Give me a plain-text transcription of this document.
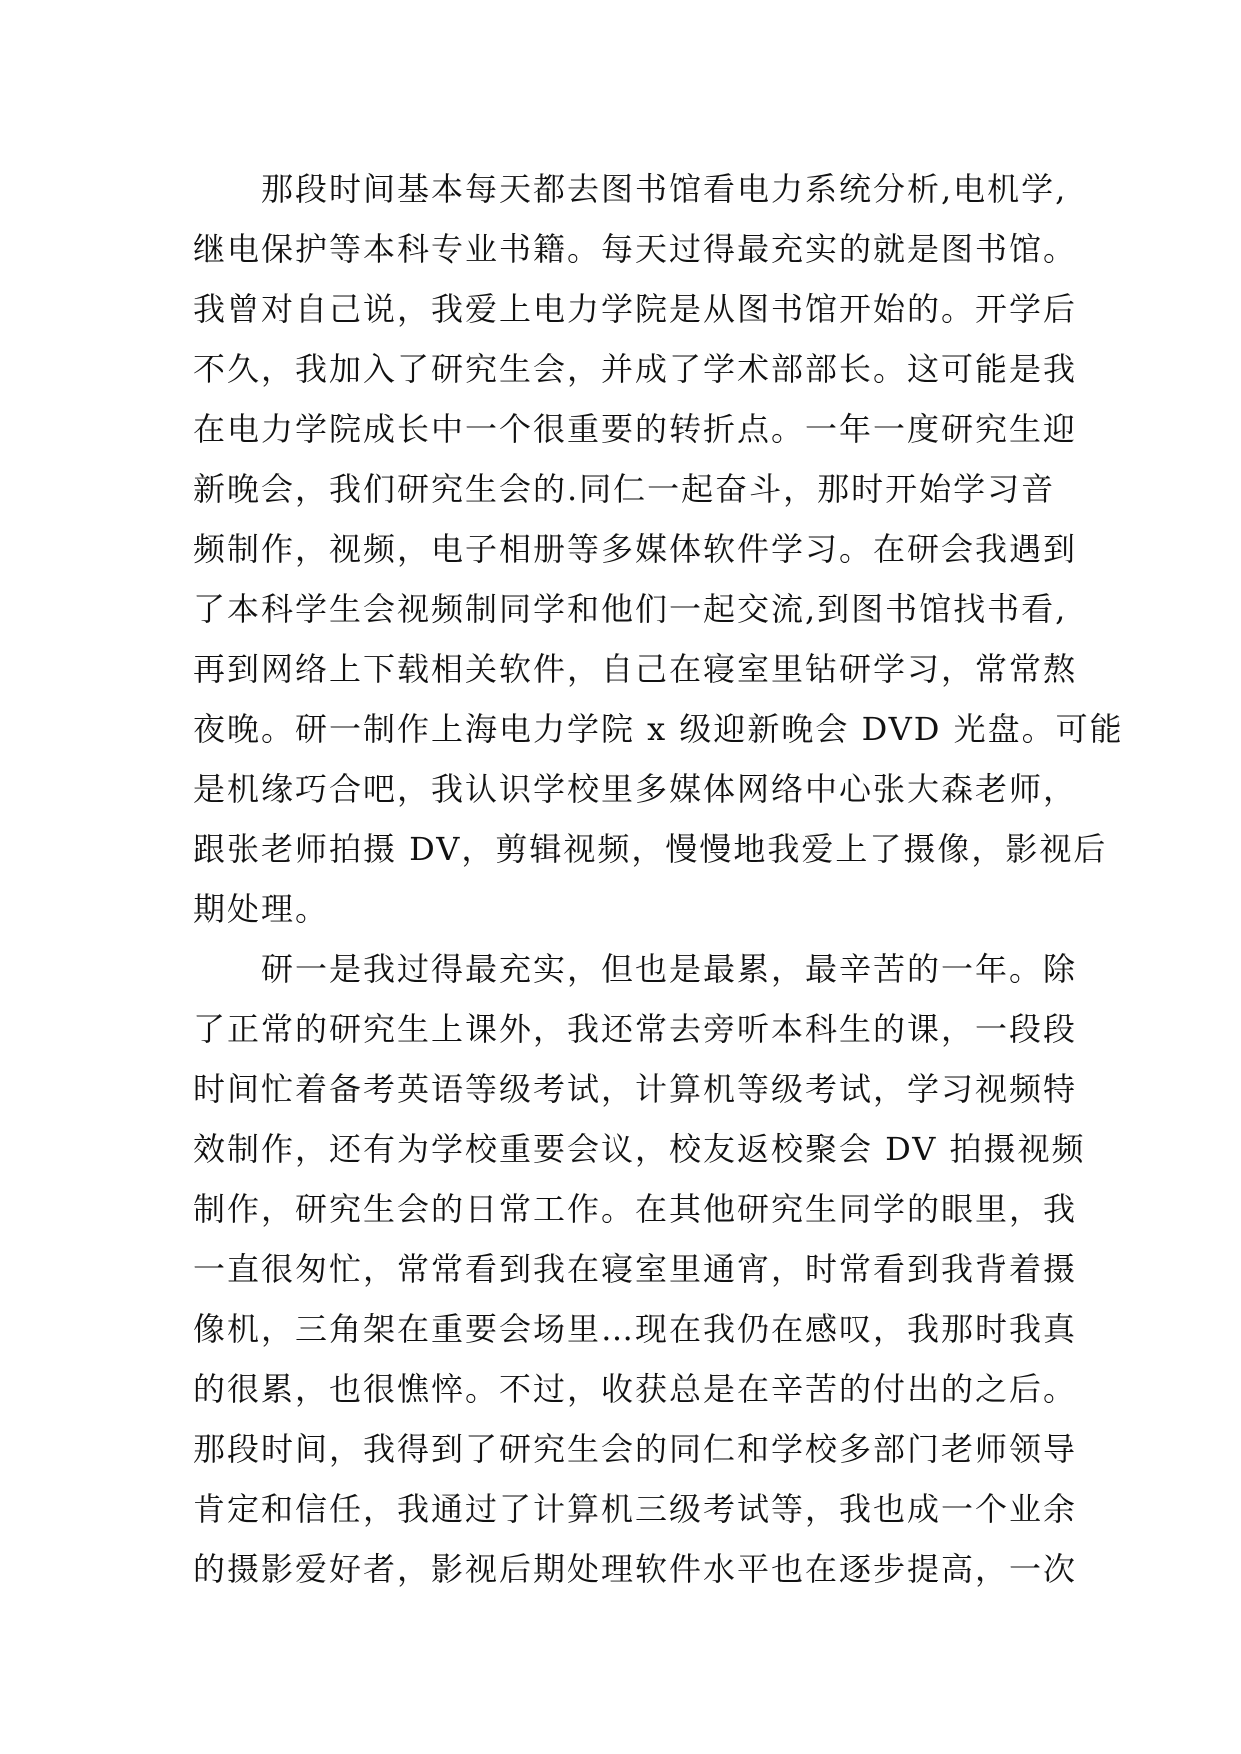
　　那段时间基本每天都去图书馆看电力系统分析,电机学,
继电保护等本科专业书籍。每天过得最充实的就是图书馆。
我曾对自己说，我爱上电力学院是从图书馆开始的。开学后
不久，我加入了研究生会，并成了学术部部长。这可能是我
在电力学院成长中一个很重要的转折点。一年一度研究生迎
新晚会，我们研究生会的.同仁一起奋斗，那时开始学习音
频制作，视频，电子相册等多媒体软件学习。在研会我遇到
了本科学生会视频制同学和他们一起交流,到图书馆找书看,
再到网络上下载相关软件，自己在寝室里钻研学习，常常熬
夜晚。研一制作上海电力学院 x 级迎新晚会 DVD 光盘。可能
是机缘巧合吧，我认识学校里多媒体网络中心张大森老师，
跟张老师拍摄 DV，剪辑视频，慢慢地我爱上了摄像，影视后
期处理。
　　研一是我过得最充实，但也是最累，最辛苦的一年。除
了正常的研究生上课外，我还常去旁听本科生的课，一段段
时间忙着备考英语等级考试，计算机等级考试，学习视频特
效制作，还有为学校重要会议，校友返校聚会 DV 拍摄视频
制作，研究生会的日常工作。在其他研究生同学的眼里，我
一直很匆忙，常常看到我在寝室里通宵，时常看到我背着摄
像机，三角架在重要会场里…现在我仍在感叹，我那时我真
的很累，也很憔悴。不过，收获总是在辛苦的付出的之后。
那段时间，我得到了研究生会的同仁和学校多部门老师领导
肯定和信任，我通过了计算机三级考试等，我也成一个业余
的摄影爱好者，影视后期处理软件水平也在逐步提高，一次
